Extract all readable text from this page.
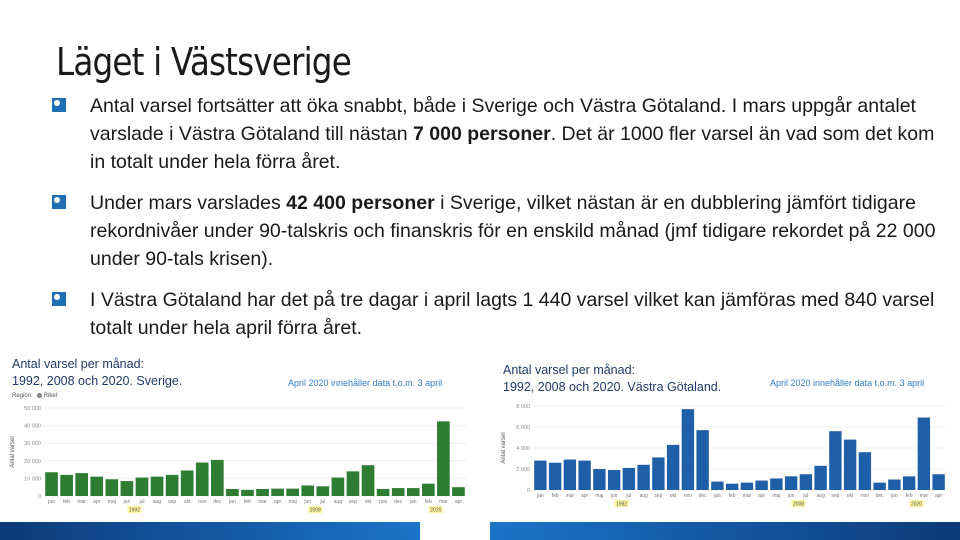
Läget i Västsverige
Antal varsel fortsätter att öka snabbt, både i Sverige och Västra Götaland. I mars uppgår antalet varslade i Västra Götaland till nästan 7 000 personer. Det är 1000 fler varsel än vad som det kom in totalt under hela förra året.
Under mars varslades 42 400 personer i Sverige, vilket nästan är en dubblering jämfört tidigare rekordnivåer under 90-talskris och finanskris för en enskild månad (jmf tidigare rekordet på 22 000 under 90-tals krisen).
I Västra Götaland har det på tre dagar i april lagts 1 440 varsel vilket kan jämföras med 840 varsel totalt under hela april förra året.
Antal varsel per månad:
1992, 2008 och 2020. Sverige.	April 2020 innehåller data t.o.m. 3 april
Region: Riket
Antal varsel
0
10 000
20 000
30 000
40 000
50 000
jan feb mar apr maj jun jul aug sep okt nov dec jan feb mar apr maj jun jul aug sep okt nov dec jan feb mar apr
1992	2008	2020
Antal varsel per månad:
1992, 2008 och 2020. Västra Götaland.	April 2020 innehåller data t.o.m. 3 april
Antal varsel
0
2 000
4 000
6 000
8 000
jan feb mar apr maj jun jul aug sep okt nov dec jan feb mar apr maj jun jul aug sep okt nov dec jan feb mar apr
1992	2008	2020
